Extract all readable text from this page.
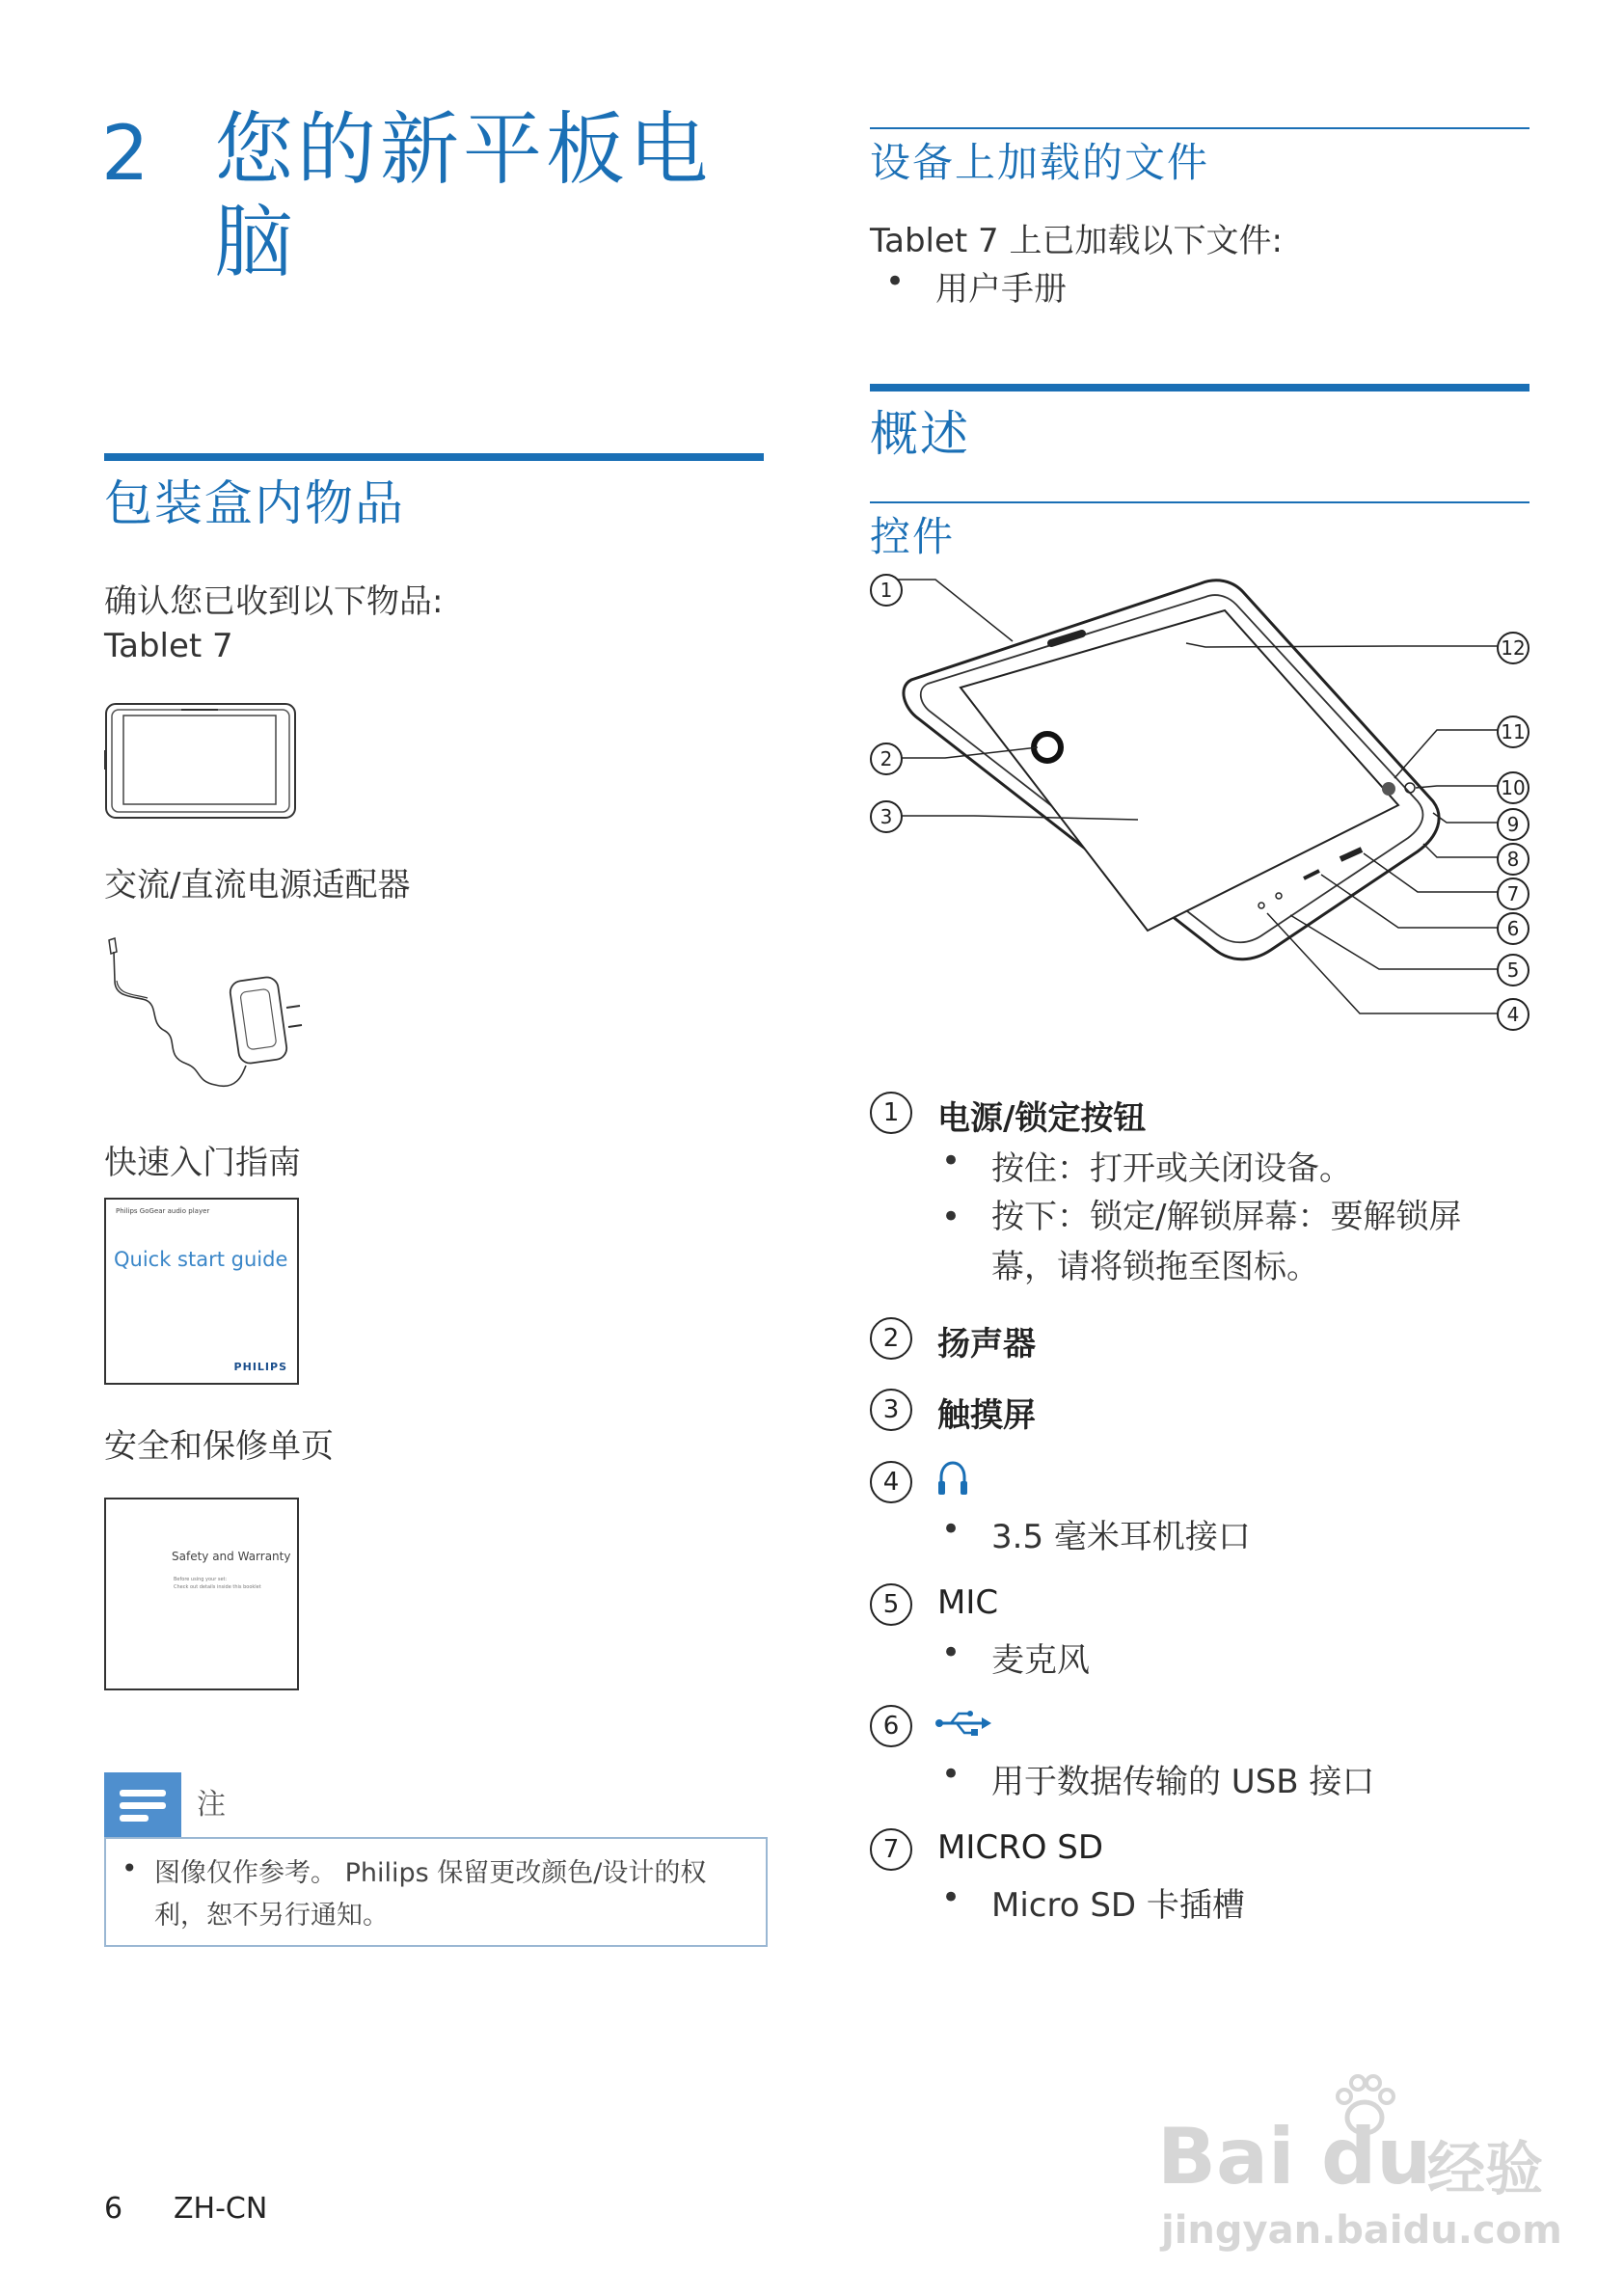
2 您的新平板电脑
包装盒内物品
确认您已收到以下物品:
Tablet 7
交流/直流电源适配器
快速入门指南
Philips GoGear audio player
Quick start guide
PHILIPS
安全和保修单页
Safety and Warranty
Before using your set:
Check out details inside this booklet
注
• 图像仅作参考。 Philips 保留更改颜色/设计的权利，恕不另行通知。
6 ZH-CN
设备上加载的文件
Tablet 7 上已加载以下文件:
• 用户手册
概述
控件
1
2
3
4
5
6
7
8
9
10
11
12
1	电源/锁定按钮
• 按住：打开或关闭设备。
• 按下：锁定/解锁屏幕：要解锁屏幕，请将锁拖至图标。
2	扬声器
3	触摸屏
4
• 3.5 毫米耳机接口
5	MIC
• 麦克风
6
• 用于数据传输的 USB 接口
7	MICRO SD
• Micro SD 卡插槽
Bai du
经验
jingyan.baidu.com
